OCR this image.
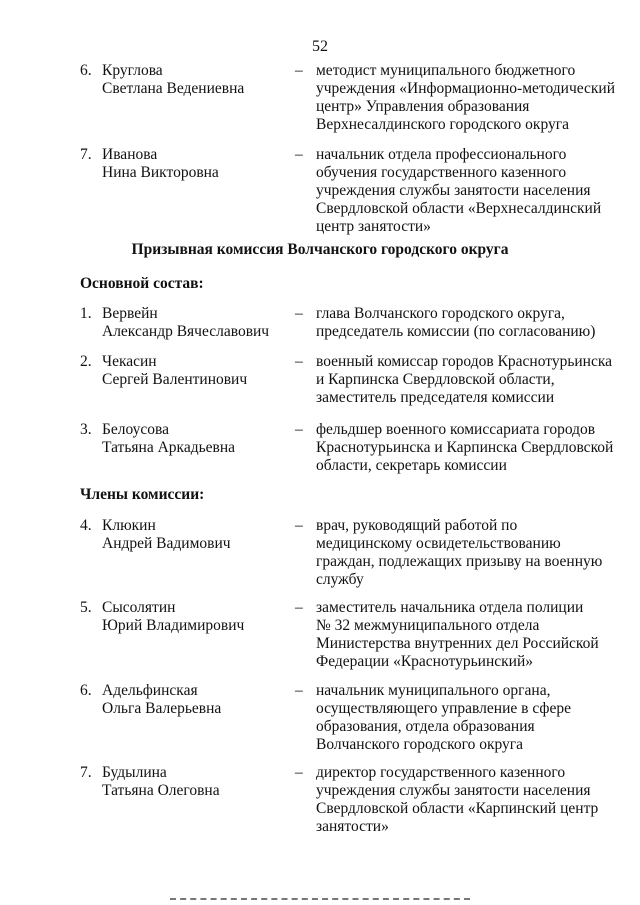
52
6. Круглова
Светлана Ведениевна
– методист муниципального бюджетного
учреждения «Информационно-методический
центр» Управления образования
Верхнесалдинского городского округа
7. Иванова
Нина Викторовна
– начальник отдела профессионального
обучения государственного казенного
учреждения службы занятости населения
Свердловской области «Верхнесалдинский
центр занятости»
Призывная комиссия Волчанского городского округа
Основной состав:
1. Вервейн
Александр Вячеславович
– глава Волчанского городского округа,
председатель комиссии (по согласованию)
2. Чекасин
Сергей Валентинович
– военный комиссар городов Краснотурьинска
и Карпинска Свердловской области,
заместитель председателя комиссии
3. Белоусова
Татьяна Аркадьевна
– фельдшер военного комиссариата городов
Краснотурьинска и Карпинска Свердловской
области, секретарь комиссии
Члены комиссии:
4. Клюкин
Андрей Вадимович
– врач, руководящий работой по
медицинскому освидетельствованию
граждан, подлежащих призыву на военную
службу
5. Сысолятин
Юрий Владимирович
– заместитель начальника отдела полиции
№ 32 межмуниципального отдела
Министерства внутренних дел Российской
Федерации «Краснотурьинский»
6. Адельфинская
Ольга Валерьевна
– начальник муниципального органа,
осуществляющего управление в сфере
образования, отдела образования
Волчанского городского округа
7. Будылина
Татьяна Олеговна
– директор государственного казенного
учреждения службы занятости населения
Свердловской области «Карпинский центр
занятости»
